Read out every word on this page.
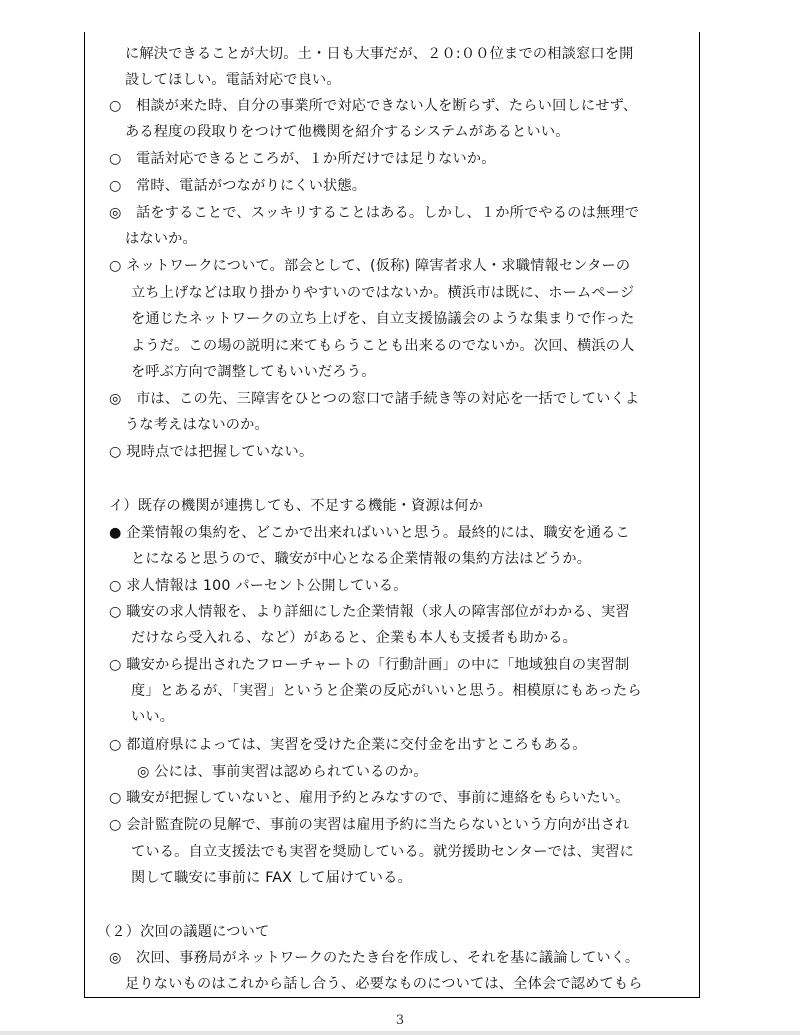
に解決できることが大切。土・日も大事だが、２０:００位までの相談窓口を開
設してほしい。電話対応で良い。
○　相談が来た時、自分の事業所で対応できない人を断らず、たらい回しにせず、
ある程度の段取りをつけて他機関を紹介するシステムがあるといい。
○　電話対応できるところが、１か所だけでは足りないか。
○　常時、電話がつながりにくい状態。
◎　話をすることで、スッキリすることはある。しかし、１か所でやるのは無理で
はないか。
○ ネットワークについて。部会として、(仮称) 障害者求人・求職情報センターの
立ち上げなどは取り掛かりやすいのではないか。横浜市は既に、ホームページ
を通じたネットワークの立ち上げを、自立支援協議会のような集まりで作った
ようだ。この場の説明に来てもらうことも出来るのでないか。次回、横浜の人
を呼ぶ方向で調整してもいいだろう。
◎　市は、この先、三障害をひとつの窓口で諸手続き等の対応を一括でしていくよ
うな考えはないのか。
○ 現時点では把握していない。
イ）既存の機関が連携しても、不足する機能・資源は何か
● 企業情報の集約を、どこかで出来ればいいと思う。最終的には、職安を通るこ
とになると思うので、職安が中心となる企業情報の集約方法はどうか。
○ 求人情報は 100 パーセント公開している。
○ 職安の求人情報を、より詳細にした企業情報（求人の障害部位がわかる、実習
だけなら受入れる、など）があると、企業も本人も支援者も助かる。
○ 職安から提出されたフローチャートの「行動計画」の中に「地域独自の実習制
度」とあるが、「実習」というと企業の反応がいいと思う。相模原にもあったら
いい。
○ 都道府県によっては、実習を受けた企業に交付金を出すところもある。
◎ 公には、事前実習は認められているのか。
○ 職安が把握していないと、雇用予約とみなすので、事前に連絡をもらいたい。
○ 会計監査院の見解で、事前の実習は雇用予約に当たらないという方向が出され
ている。自立支援法でも実習を奨励している。就労援助センターでは、実習に
関して職安に事前に FAX して届けている。
（２）次回の議題について
◎　次回、事務局がネットワークのたたき台を作成し、それを基に議論していく。
足りないものはこれから話し合う、必要なものについては、全体会で認めてもら
3
